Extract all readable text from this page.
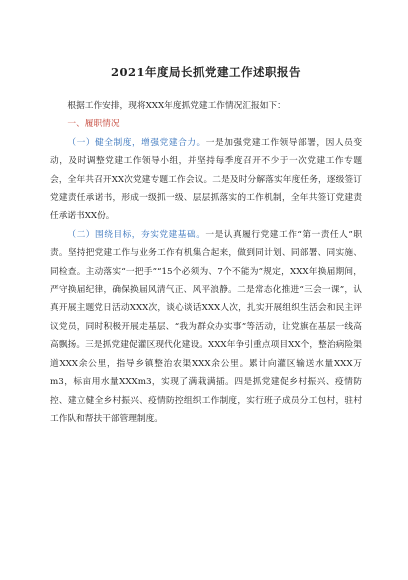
2021年度局长抓党建工作述职报告

根据工作安排，现将XXX年度抓党建工作情况汇报如下：

一、履职情况

（一）健全制度，增强党建合力。一是加强党建工作领导部署，因人员变动，及时调整党建工作领导小组，并坚持每季度召开不少于一次党建工作专题会，全年共召开XX次党建专题工作会议。二是及时分解落实年度任务，逐级签订党建责任承诺书，形成一级抓一级、层层抓落实的工作机制，全年共签订党建责任承诺书XX份。

（二）围绕目标，夯实党建基础。一是认真履行党建工作“第一责任人”职责。坚持把党建工作与业务工作有机集合起来，做到同计划、同部署、同实施、同检查。主动落实“一把手”“15个必须为、7个不能为”规定，XXX年换届期间，严守换届纪律，确保换届风清气正、风平浪静。二是常态化推进“三会一课”，认真开展主题党日活动XXX次，谈心谈话XXX人次，扎实开展组织生活会和民主评议党员，同时积极开展走基层、“我为群众办实事”等活动，让党旗在基层一线高高飘扬。三是抓党建促灌区现代化建设。XXX年争引重点项目XX个，整治病险渠道XXX余公里，指导乡镇整治农渠XXX余公里。累计向灌区输送水量XXX万m3，标亩用水量XXXm3，实现了满栽满插。四是抓党建促乡村振兴、疫情防控、建立健全乡村振兴、疫情防控组织工作制度，实行班子成员分工包村，驻村工作队和帮扶干部管理制度。
